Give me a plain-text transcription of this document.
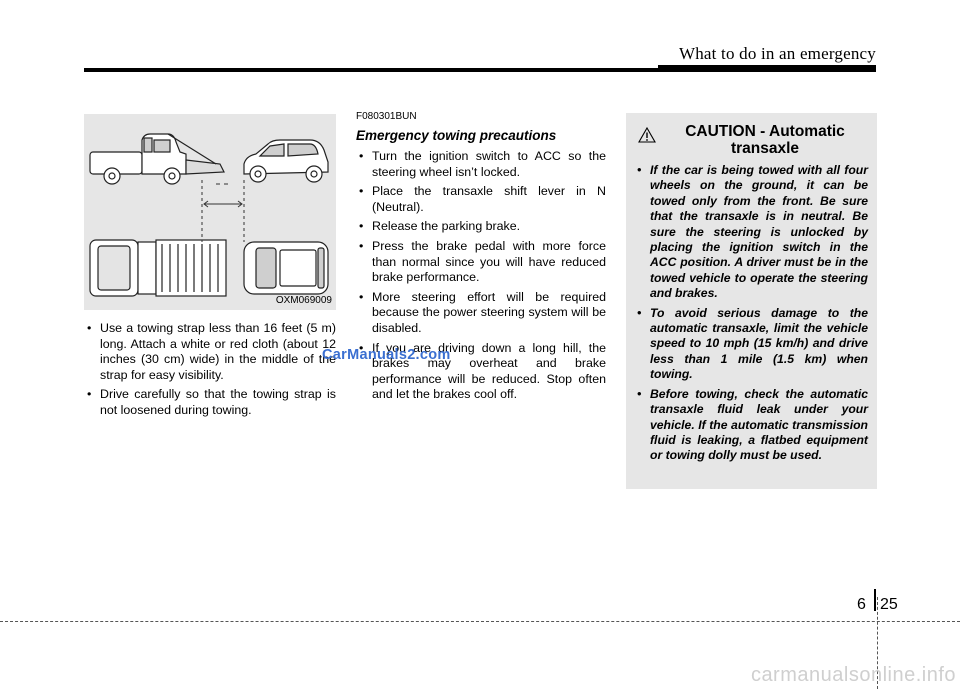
What to do in an emergency
OXM069009
• Use a towing strap less than 16 feet (5 m) long. Attach a white or red cloth (about 12 inches (30 cm) wide) in the middle of the strap for easy visibility.
• Drive carefully so that the towing strap is not loosened during towing.
F080301BUN
Emergency towing precautions
• Turn the ignition switch to ACC so the steering wheel isn’t locked.
• Place the transaxle shift lever in N (Neutral).
• Release the parking brake.
• Press the brake pedal with more force than normal since you will have reduced brake performance.
• More steering effort will be required because the power steering system will be disabled.
• If you are driving down a long hill, the brakes may overheat and brake performance will be reduced. Stop often and let the brakes cool off.
CAUTION - Automatic
transaxle
• If the car is being towed with all four wheels on the ground, it can be towed only from the front. Be sure that the transaxle is in neutral. Be sure the steering is unlocked by placing the ignition switch in the ACC position. A driver must be in the towed vehicle to operate the steering and brakes.
• To avoid serious damage to the automatic transaxle, limit the vehicle speed to 10 mph (15 km/h) and drive less than 1 mile (1.5 km) when towing.
• Before towing, check the automatic transaxle fluid leak under your vehicle. If the automatic transmission fluid is leaking, a flatbed equipment or towing dolly must be used.
CarManuals2.com
6 25
carmanualsonline.info
